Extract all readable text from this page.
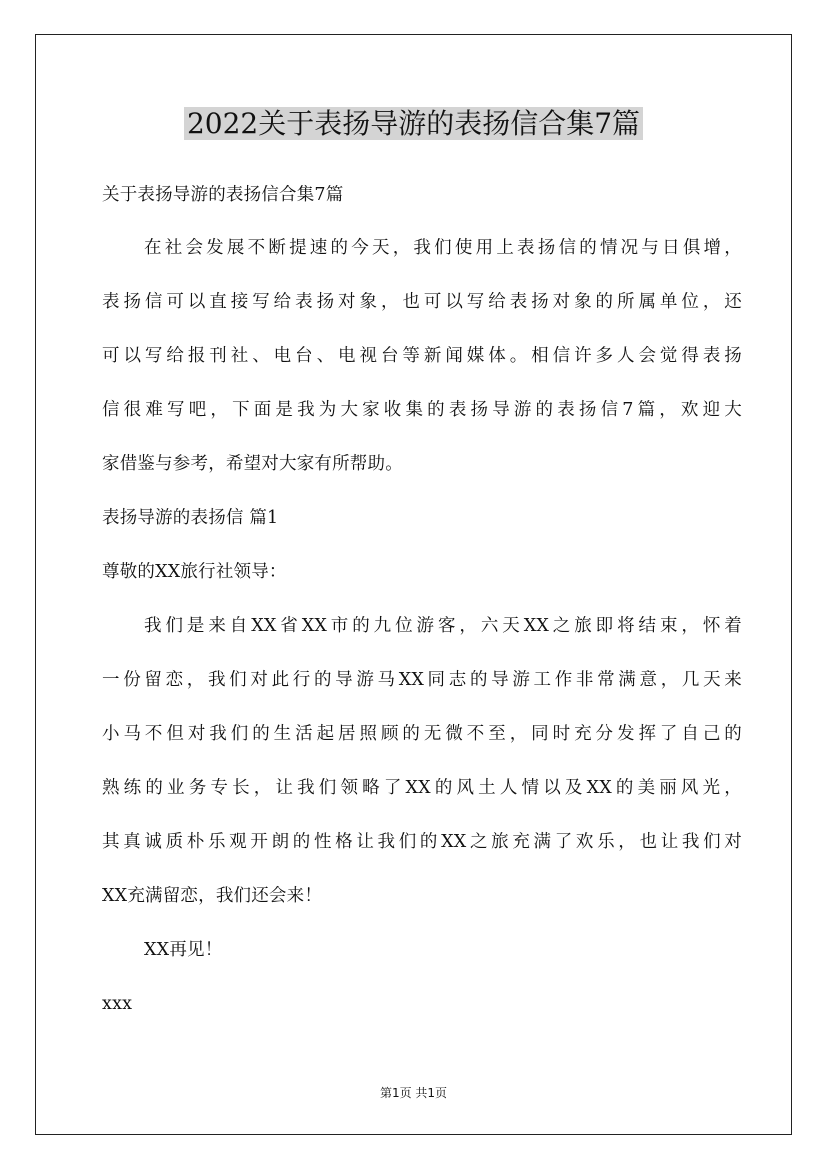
2022关于表扬导游的表扬信合集7篇
关于表扬导游的表扬信合集7篇
在社会发展不断提速的今天，我们使用上表扬信的情况与日俱增，
表扬信可以直接写给表扬对象，也可以写给表扬对象的所属单位，还
可以写给报刊社、电台、电视台等新闻媒体。相信许多人会觉得表扬
信很难写吧，下面是我为大家收集的表扬导游的表扬信7篇，欢迎大
家借鉴与参考，希望对大家有所帮助。
表扬导游的表扬信 篇1
尊敬的XX旅行社领导：
我们是来自XX省XX市的九位游客，六天XX之旅即将结束，怀着
一份留恋，我们对此行的导游马XX同志的导游工作非常满意，几天来
小马不但对我们的生活起居照顾的无微不至，同时充分发挥了自己的
熟练的业务专长，让我们领略了XX的风土人情以及XX的美丽风光，
其真诚质朴乐观开朗的性格让我们的XX之旅充满了欢乐，也让我们对
XX充满留恋，我们还会来！
XX再见！
xxx
第1页 共1页
